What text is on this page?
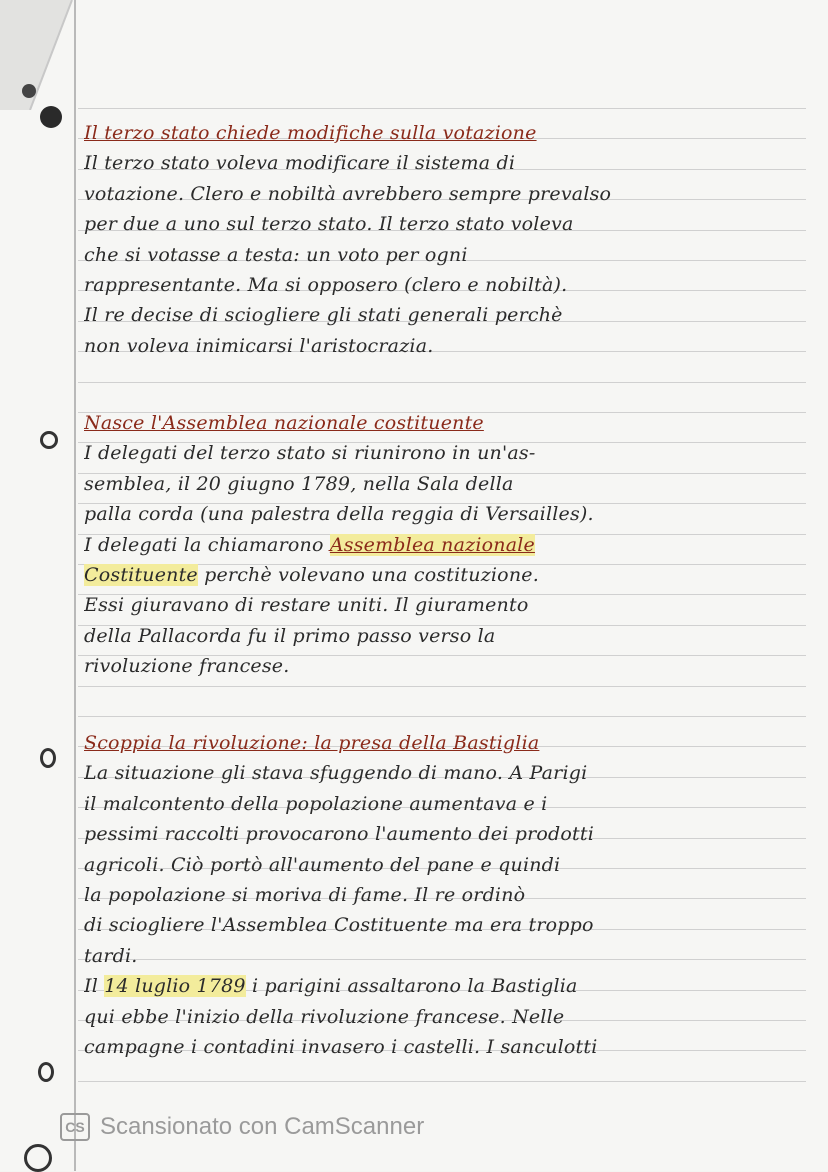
Il terzo stato chiede modifiche sulla votazione
Il terzo stato voleva modificare il sistema di
votazione. Clero e nobiltà avrebbero sempre prevalso
per due a uno sul terzo stato. Il terzo stato voleva
che si votasse a testa: un voto per ogni
rappresentante. Ma si opposero (clero e nobiltà).
Il re decise di sciogliere gli stati generali perchè
non voleva inimicarsi l'aristocrazia.
Nasce l'Assemblea nazionale costituente
I delegati del terzo stato si riunirono in un'as-
semblea, il 20 giugno 1789, nella Sala della
palla corda (una palestra della reggia di Versailles).
I delegati la chiamarono Assemblea nazionale
Costituente perchè volevano una costituzione.
Essi giuravano di restare uniti. Il giuramento
della Pallacorda fu il primo passo verso la
rivoluzione francese.
Scoppia la rivoluzione: la presa della Bastiglia
La situazione gli stava sfuggendo di mano. A Parigi
il malcontento della popolazione aumentava e i
pessimi raccolti provocarono l'aumento dei prodotti
agricoli. Ciò portò all'aumento del pane e quindi
la popolazione si moriva di fame. Il re ordinò
di sciogliere l'Assemblea Costituente ma era troppo
tardi.
Il 14 luglio 1789 i parigini assaltarono la Bastiglia
qui ebbe l'inizio della rivoluzione francese. Nelle
campagne i contadini invasero i castelli. I sanculotti
CS Scansionato con CamScanner
